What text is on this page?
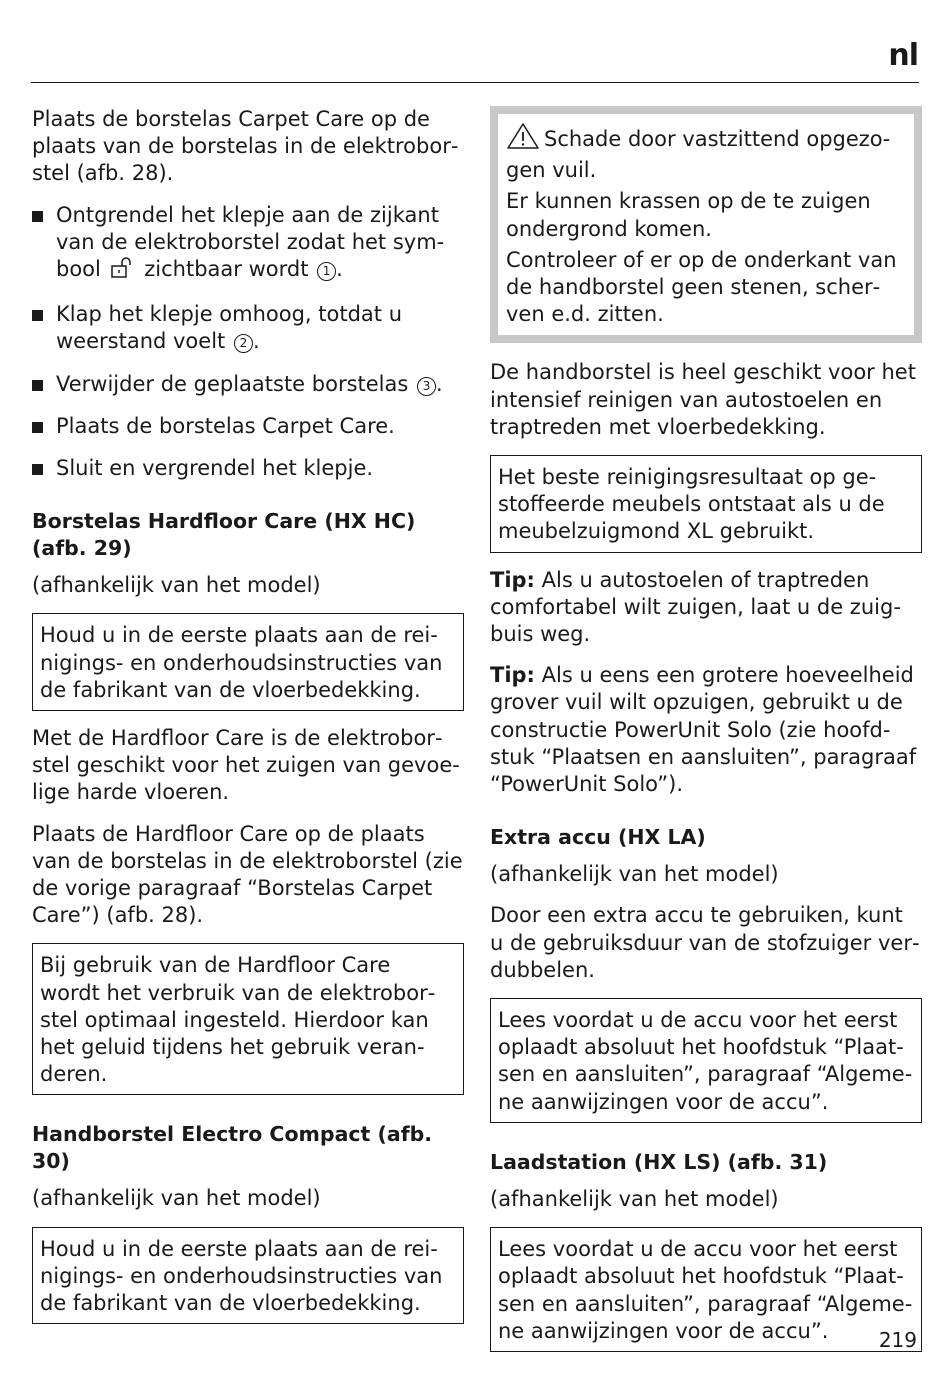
nl

Plaats de borstelas Carpet Care op de plaats van de borstelas in de elektroborstel (afb. 28).

Ontgrendel het klepje aan de zijkant van de elektroborstel zodat het symbool zichtbaar wordt 1 .
Klap het klepje omhoog, totdat u weerstand voelt 2 .
Verwijder de geplaatste borstelas 3 .
Plaats de borstelas Carpet Care.
Sluit en vergrendel het klepje.
Borstelas Hardfloor Care (HX HC) (afb. 29)

(afhankelijk van het model)

Houd u in de eerste plaats aan de reinigings- en onderhoudsinstructies van de fabrikant van de vloerbedekking.

Met de Hardfloor Care is de elektroborstel geschikt voor het zuigen van gevoelige harde vloeren.

Plaats de Hardfloor Care op de plaats van de borstelas in de elektroborstel (zie de vorige paragraaf “Borstelas Carpet Care”) (afb. 28).

Bij gebruik van de Hardfloor Care wordt het verbruik van de elektroborstel optimaal ingesteld. Hierdoor kan het geluid tijdens het gebruik veranderen.
Handborstel Electro Compact (afb. 30)

(afhankelijk van het model)

Houd u in de eerste plaats aan de reinigings- en onderhoudsinstructies van de fabrikant van de vloerbedekking.
Schade door vastzittend opgezogen vuil.
Er kunnen krassen op de te zuigen ondergrond komen.
Controleer of er op de onderkant van de handborstel geen stenen, scherven e.d. zitten.

De handborstel is heel geschikt voor het intensief reinigen van autostoelen en traptreden met vloerbedekking.

Het beste reinigingsresultaat op gestoffeerde meubels ontstaat als u de meubelzuigmond XL gebruikt.

Tip: Als u autostoelen of traptreden comfortabel wilt zuigen, laat u de zuigbuis weg.

Tip: Als u eens een grotere hoeveelheid grover vuil wilt opzuigen, gebruikt u de constructie PowerUnit Solo (zie hoofdstuk “Plaatsen en aansluiten”, paragraaf “PowerUnit Solo”).

Extra accu (HX LA)

(afhankelijk van het model)

Door een extra accu te gebruiken, kunt u de gebruiksduur van de stofzuiger verdubbelen.

Lees voordat u de accu voor het eerst oplaadt absoluut het hoofdstuk “Plaatsen en aansluiten”, paragraaf “Algemene aanwijzingen voor de accu”.
Laadstation (HX LS) (afb. 31)

(afhankelijk van het model)

Lees voordat u de accu voor het eerst oplaadt absoluut het hoofdstuk “Plaatsen en aansluiten”, paragraaf “Algemene aanwijzingen voor de accu”.	219
